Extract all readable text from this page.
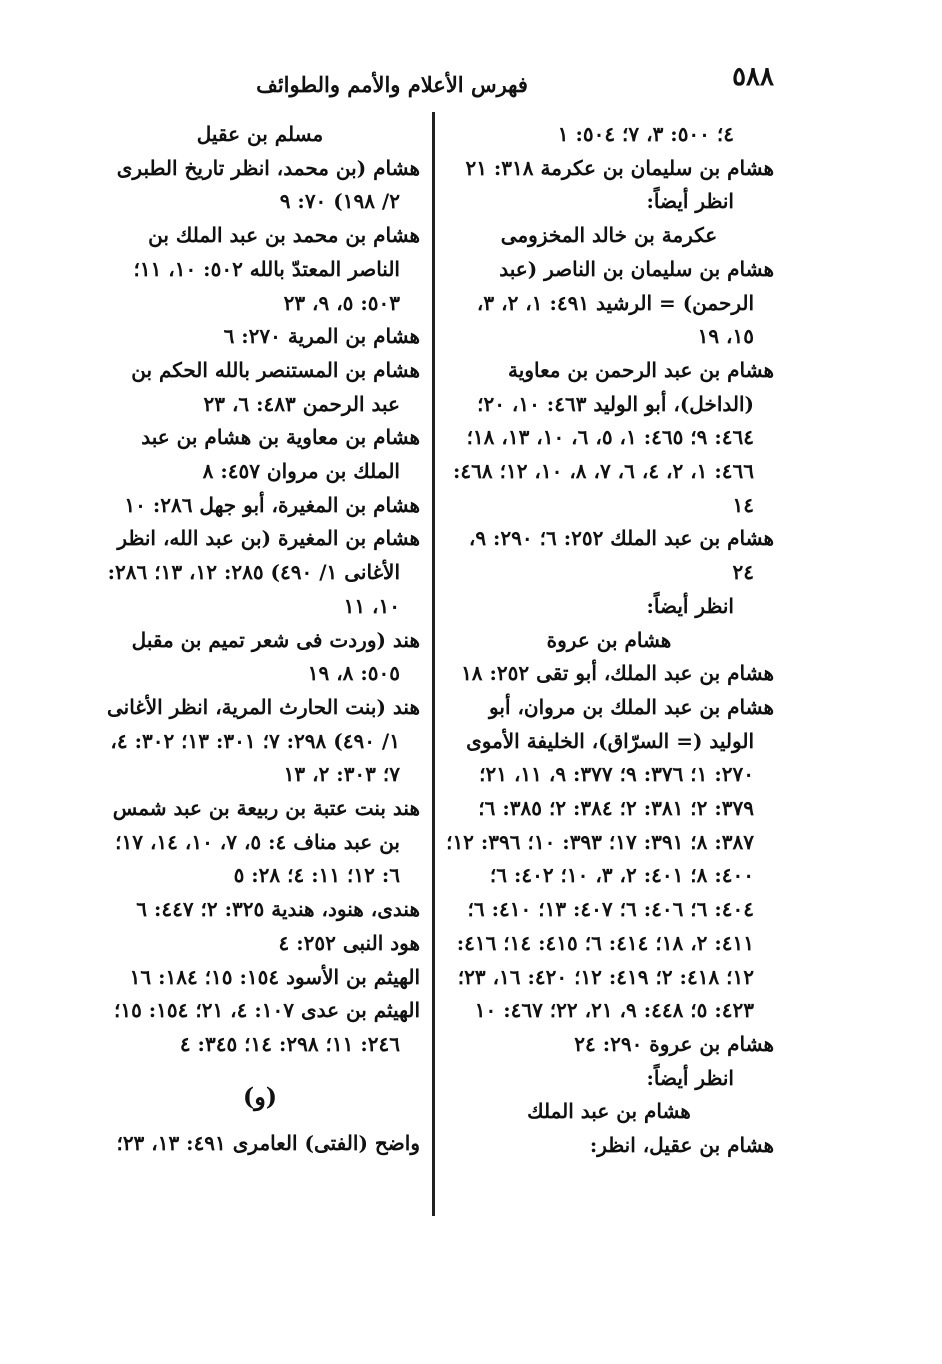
٥٨٨
فهرس الأعلام والأمم والطوائف

٤؛ ٥٠٠: ٣، ٧؛ ٥٠٤: ١

هشام بن سليمان بن عكرمة ٣١٨: ٢١

انظر أيضاً:

عكرمة بن خالد المخزومى

هشام بن سليمان بن الناصر (عبد الرحمن) = الرشيد ٤٩١: ١، ٢، ٣، ١٥، ١٩

هشام بن عبد الرحمن بن معاوية (الداخل)، أبو الوليد ٤٦٣: ١٠، ٢٠؛ ٤٦٤: ٩؛ ٤٦٥: ١، ٥، ٦، ١٠، ١٣، ١٨؛ ٤٦٦: ١، ٢، ٤، ٦، ٧، ٨، ١٠، ١٢؛ ٤٦٨: ١٤

هشام بن عبد الملك ٢٥٢: ٦؛ ٢٩٠: ٩، ٢٤

انظر أيضاً:

هشام بن عروة

هشام بن عبد الملك، أبو تقى ٢٥٢: ١٨

هشام بن عبد الملك بن مروان، أبو الوليد (= السرّاق)، الخليفة الأموى ٢٧٠: ١؛ ٣٧٦: ٩؛ ٣٧٧: ٩، ١١، ٢١؛ ٣٧٩: ٢؛ ٣٨١: ٢؛ ٣٨٤: ٢؛ ٣٨٥: ٦؛ ٣٨٧: ٨؛ ٣٩١: ١٧؛ ٣٩٣: ١٠؛ ٣٩٦: ١٢؛ ٤٠٠: ٨؛ ٤٠١: ٢، ٣، ١٠؛ ٤٠٢: ٦؛ ٤٠٤: ٦؛ ٤٠٦: ٦؛ ٤٠٧: ١٣؛ ٤١٠: ٦؛ ٤١١: ٢، ١٨؛ ٤١٤: ٦؛ ٤١٥: ١٤؛ ٤١٦: ١٢؛ ٤١٨: ٢؛ ٤١٩: ١٢؛ ٤٢٠: ١٦، ٢٣؛ ٤٢٣: ٥؛ ٤٤٨: ٩، ٢١، ٢٢؛ ٤٦٧: ١٠

هشام بن عروة ٢٩٠: ٢٤

انظر أيضاً:

هشام بن عبد الملك

هشام بن عقيل، انظر:

مسلم بن عقيل

هشام (بن محمد، انظر تاريخ الطبرى ٢/ ١٩٨) ٧٠: ٩

هشام بن محمد بن عبد الملك بن الناصر المعتدّ بالله ٥٠٢: ١٠، ١١؛ ٥٠٣: ٥، ٩، ٢٣

هشام بن المرية ٢٧٠: ٦

هشام بن المستنصر بالله الحكم بن عبد الرحمن ٤٨٣: ٦، ٢٣

هشام بن معاوية بن هشام بن عبد الملك بن مروان ٤٥٧: ٨

هشام بن المغيرة، أبو جهل ٢٨٦: ١٠

هشام بن المغيرة (بن عبد الله، انظر الأغانى ١/ ٤٩٠) ٢٨٥: ١٢، ١٣؛ ٢٨٦: ١٠، ١١

هند (وردت فى شعر تميم بن مقبل ٥٠٥: ٨، ١٩

هند (بنت الحارث المرية، انظر الأغانى ١/ ٤٩٠) ٢٩٨: ٧؛ ٣٠١: ١٣؛ ٣٠٢: ٤، ٧؛ ٣٠٣: ٢، ١٣

هند بنت عتبة بن ربيعة بن عبد شمس بن عبد مناف ٤: ٥، ٧، ١٠، ١٤، ١٧؛ ٦: ١٢؛ ١١: ٤؛ ٢٨: ٥

هندى، هنود، هندية ٣٢٥: ٢؛ ٤٤٧: ٦

هود النبى ٢٥٢: ٤

الهيثم بن الأسود ١٥٤: ١٥؛ ١٨٤: ١٦

الهيثم بن عدى ١٠٧: ٤، ٢١؛ ١٥٤: ١٥؛ ٢٤٦: ١١؛ ٢٩٨: ١٤؛ ٣٤٥: ٤

(و)

واضح (الفتى) العامرى ٤٩١: ١٣، ٢٣؛
